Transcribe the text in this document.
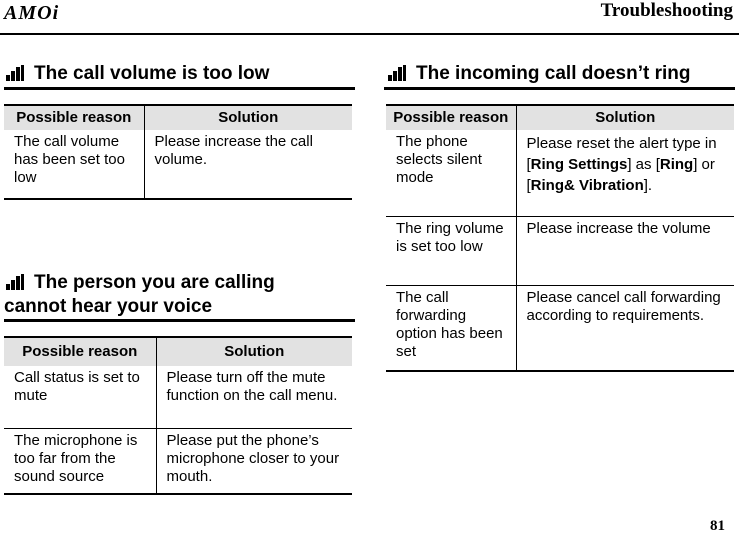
AMOi	Troubleshooting
The call volume is too low
Possible reason	Solution
The call volume has been set too low	Please increase the call volume.
The person you are calling
cannot hear your voice
Possible reason	Solution
Call status is set to mute	Please turn off the mute function on the call menu.
The microphone is too far from the sound source	Please put the phone’s microphone closer to your mouth.
The incoming call doesn’t ring
Possible reason	Solution
The phone selects silent mode	Please reset the alert type in [Ring Settings] as [Ring] or [Ring& Vibration].
The ring volume is set too low	Please increase the volume
The call forwarding option has been set	Please cancel call forwarding according to requirements.
81
